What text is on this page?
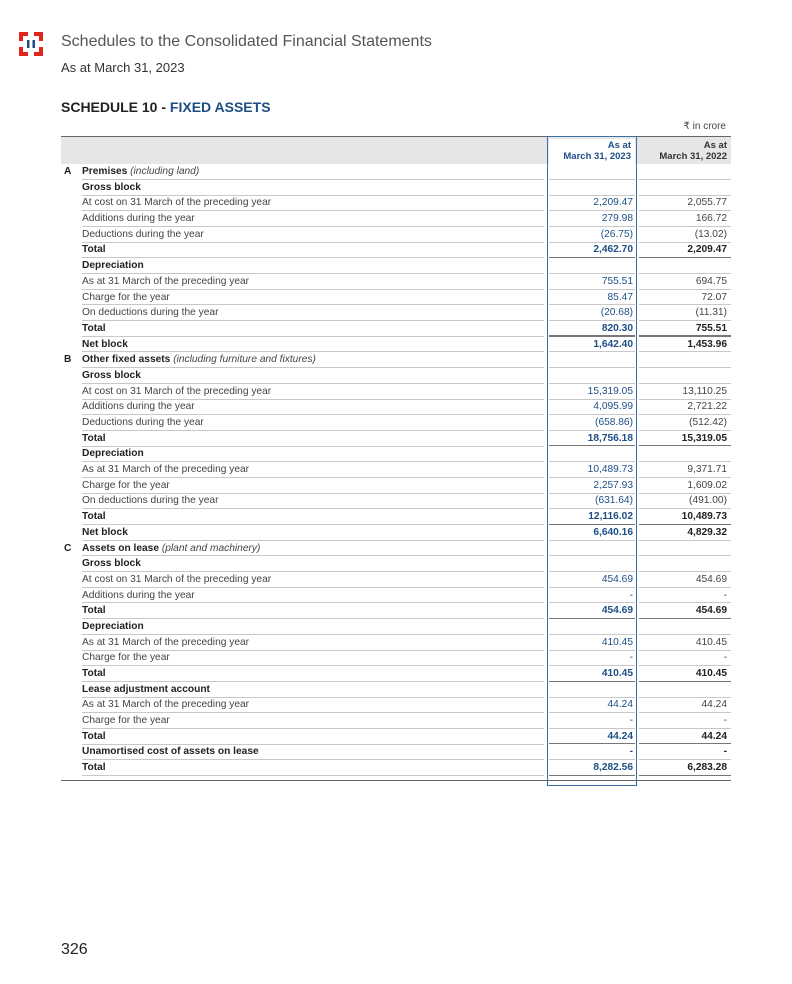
Schedules to the Consolidated Financial Statements
As at March 31, 2023
SCHEDULE 10 - FIXED ASSETS
₹ in crore
As at
March 31, 2023
As at
March 31, 2022
A Premises (including land)
Gross block
At cost on 31 March of the preceding year	2,209.47	2,055.77
Additions during the year	279.98	166.72
Deductions during the year	(26.75)	(13.02)
Total	2,462.70	2,209.47
Depreciation
As at 31 March of the preceding year	755.51	694.75
Charge for the year	85.47	72.07
On deductions during the year	(20.68)	(11.31)
Total	820.30	755.51
Net block	1,642.40	1,453.96
B Other fixed assets (including furniture and fixtures)
Gross block
At cost on 31 March of the preceding year	15,319.05	13,110.25
Additions during the year	4,095.99	2,721.22
Deductions during the year	(658.86)	(512.42)
Total	18,756.18	15,319.05
Depreciation
As at 31 March of the preceding year	10,489.73	9,371.71
Charge for the year	2,257.93	1,609.02
On deductions during the year	(631.64)	(491.00)
Total	12,116.02	10,489.73
Net block	6,640.16	4,829.32
C Assets on lease (plant and machinery)
Gross block
At cost on 31 March of the preceding year	454.69	454.69
Additions during the year	-	-
Total	454.69	454.69
Depreciation
As at 31 March of the preceding year	410.45	410.45
Charge for the year	-	-
Total	410.45	410.45
Lease adjustment account
As at 31 March of the preceding year	44.24	44.24
Charge for the year	-	-
Total	44.24	44.24
Unamortised cost of assets on lease	-	-
Total	8,282.56	6,283.28
326
